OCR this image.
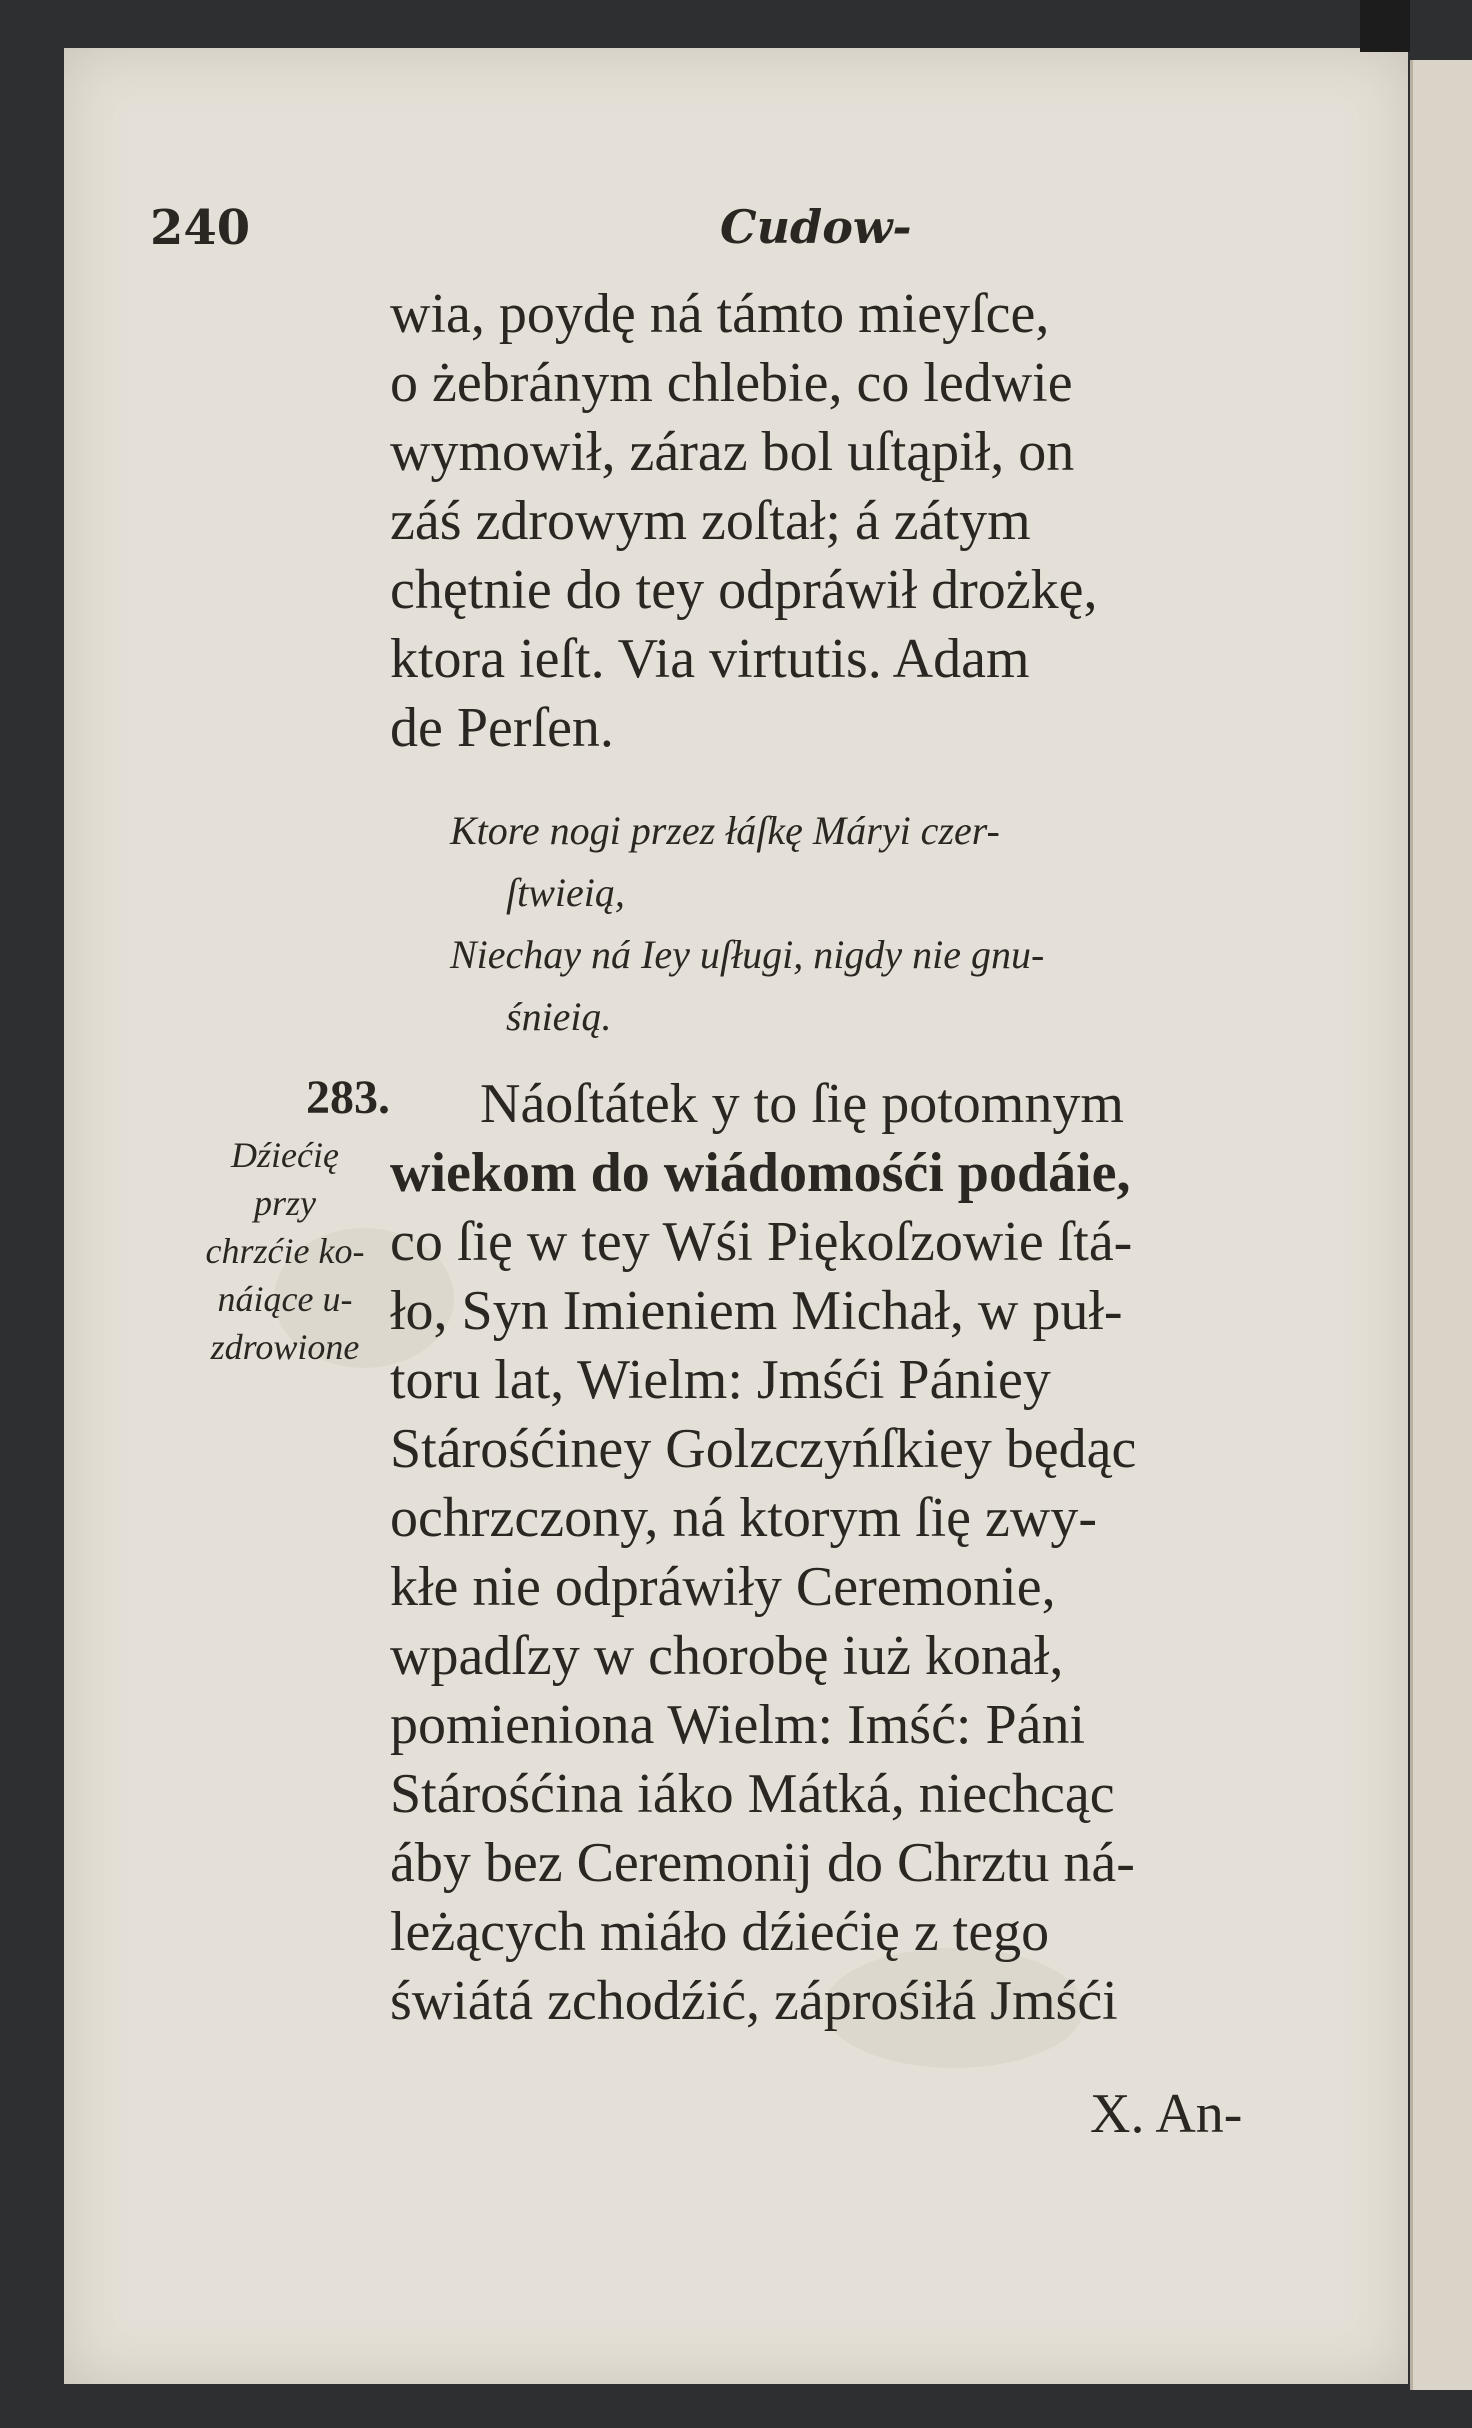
240	Cudow-
wia, poydę ná támto mieyſce,
o żebránym chlebie, co ledwie
wymowił, záraz bol uſtąpił, on
záś zdrowym zoſtał; á zátym
chętnie do tey odpráwił drożkę,
ktora ieſt. Via virtutis. Adam
de Perſen.
Ktore nogi przez łáſkę Máryi czer-
ſtwieią,
Niechay ná Iey uſługi, nigdy nie gnu-
śnieią.
283.
Dźiećię
przy
chrzćie ko-
náiące u-
zdrowione
Náoſtátek y to ſię potomnym
wiekom do wiádomośći podáie,
co ſię w tey Wśi Piękoſzowie ſtá-
ło, Syn Imieniem Michał, w puł-
toru lat, Wielm: Jmśći Pániey
Stárośćiney Golzczyńſkiey będąc
ochrzczony, ná ktorym ſię zwy-
kłe nie odpráwiły Ceremonie,
wpadſzy w chorobę iuż konał,
pomieniona Wielm: Imść: Páni
Stárośćina iáko Mátká, niechcąc
áby bez Ceremonij do Chrztu ná-
leżących miáło dźiećię z tego
świátá zchodźić, záprośiłá Jmśći
X. An-
